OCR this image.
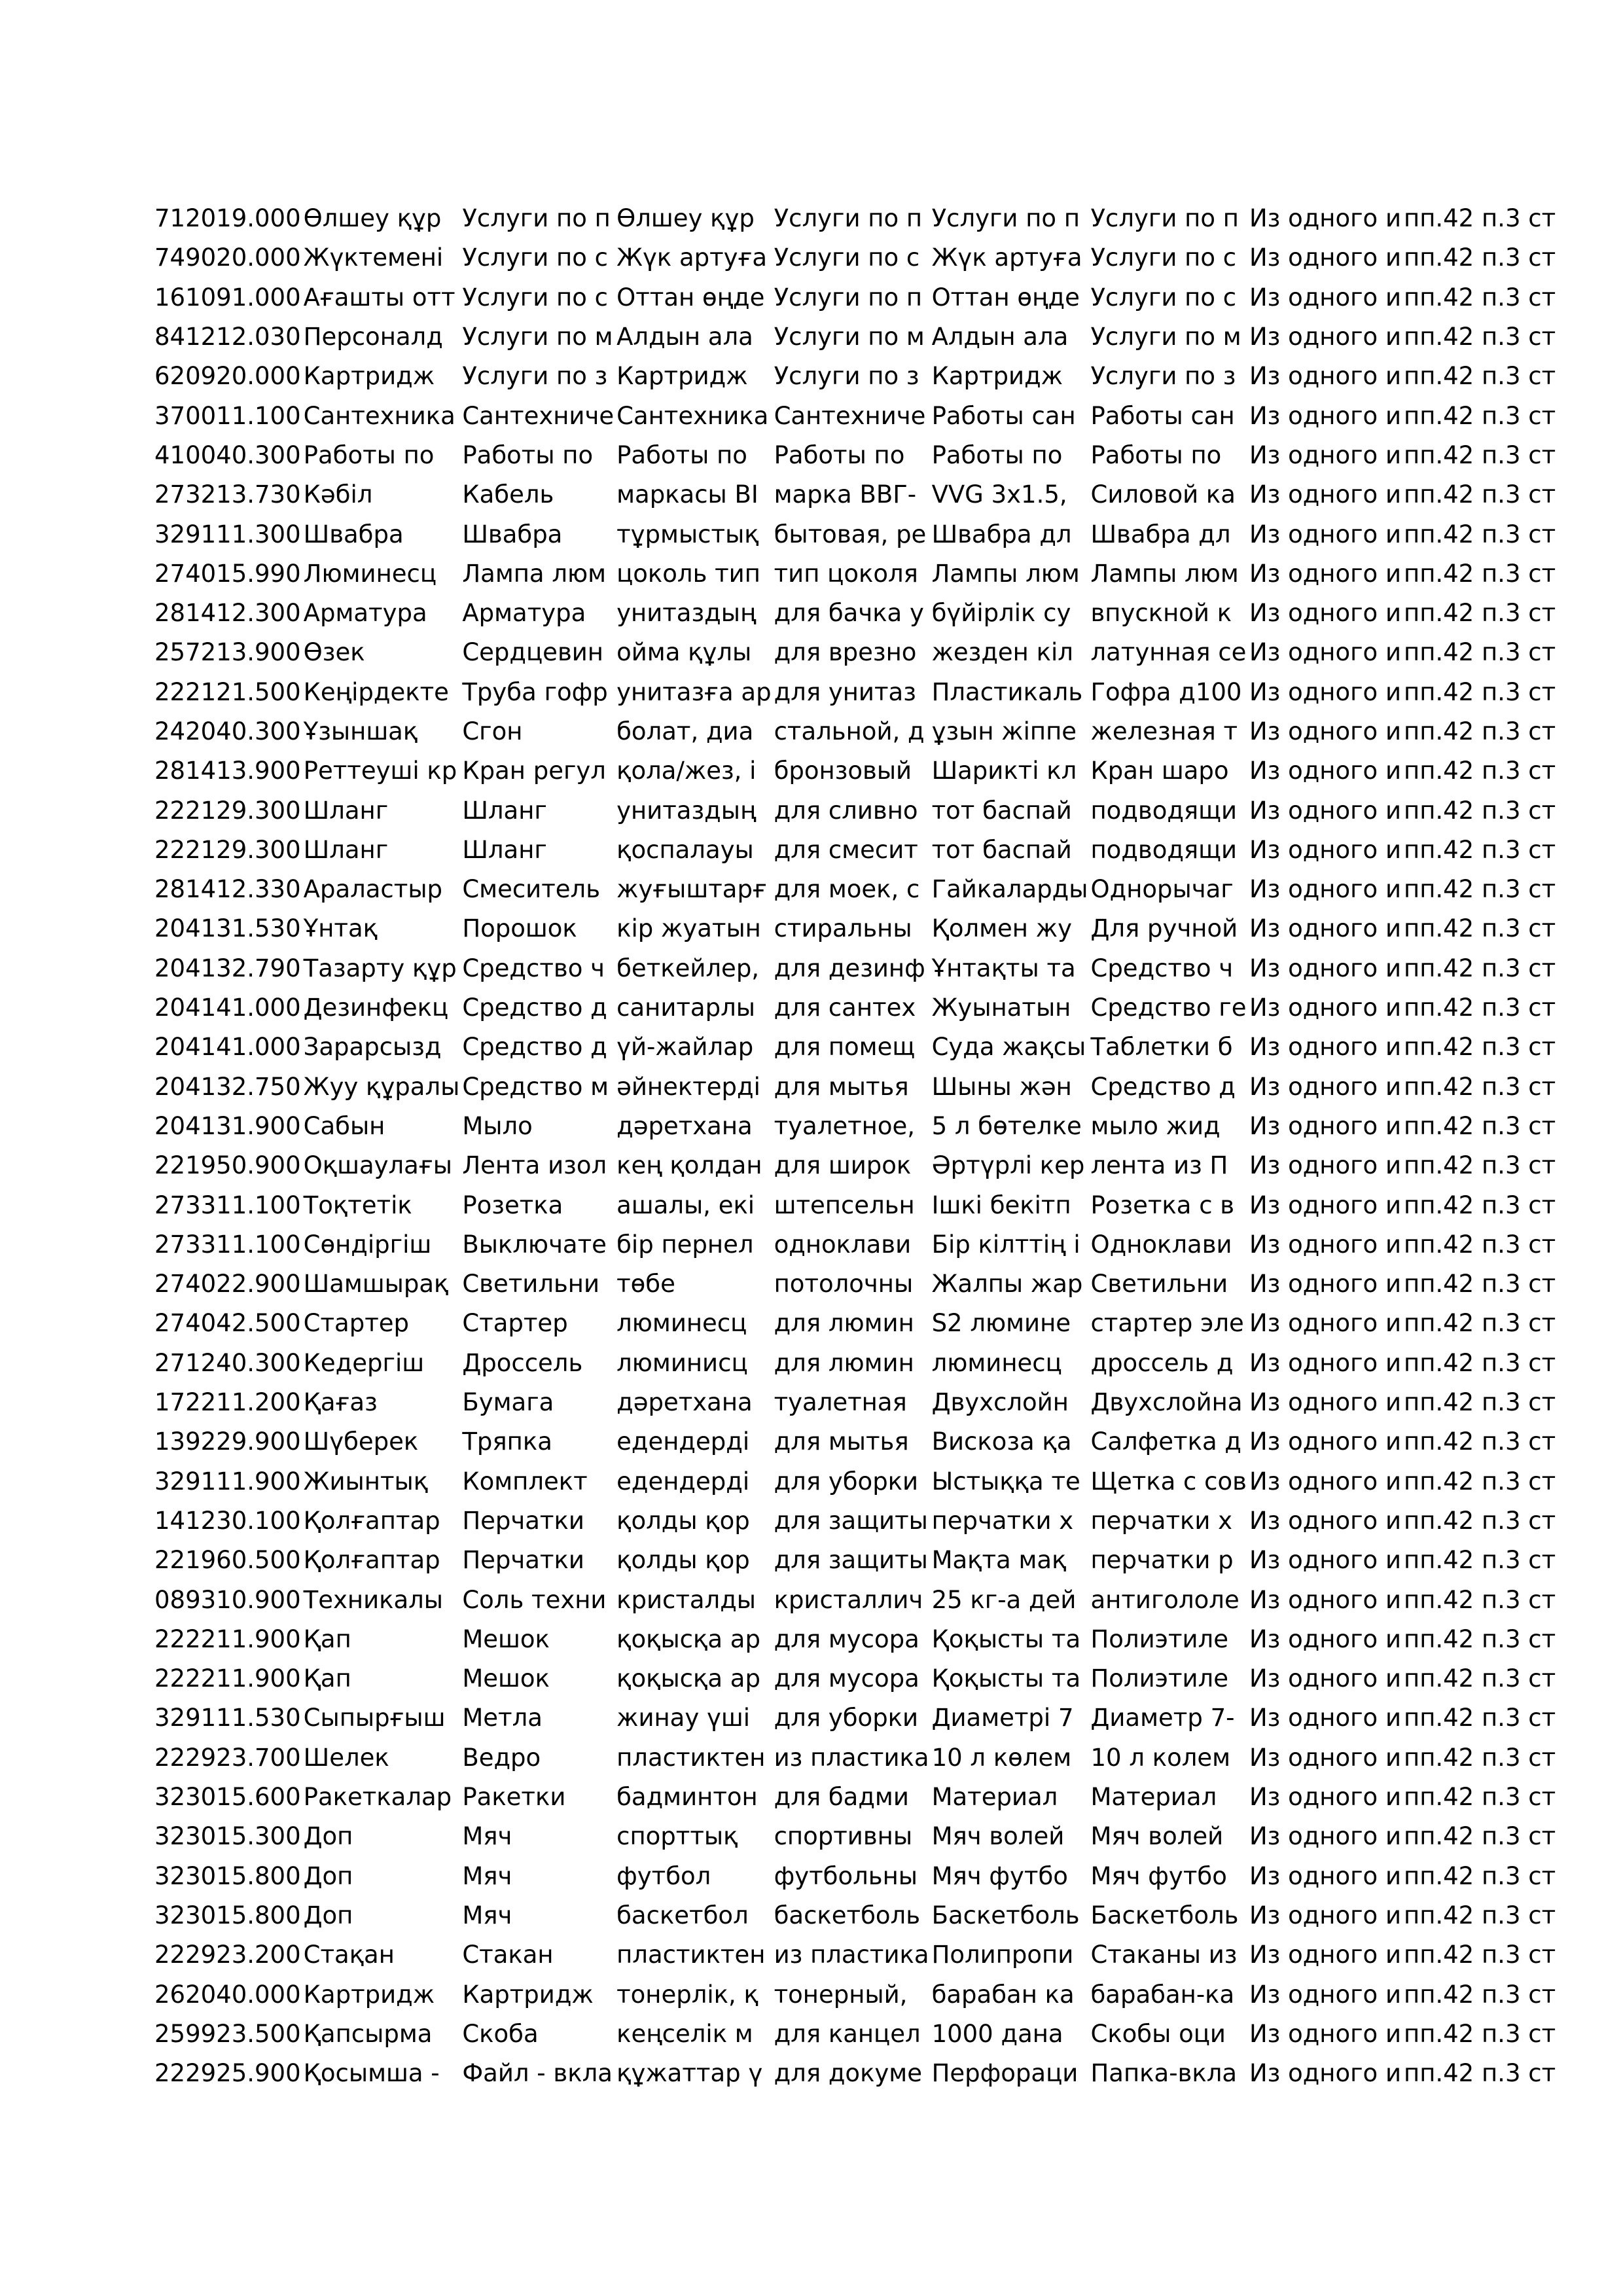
712019.000	Өлшеу құр	Услуги по п	Өлшеу құр	Услуги по п	Услуги по п	Услуги по п	Из одного и	пп.42 п.3 ст
749020.000	Жүктемені	Услуги по с	Жүк артуға	Услуги по с	Жүк артуға	Услуги по с	Из одного и	пп.42 п.3 ст
161091.000	Ағашты отт	Услуги по с	Оттан өңде	Услуги по п	Оттан өңде	Услуги по с	Из одного и	пп.42 п.3 ст
841212.030	Персоналд	Услуги по м	Алдын ала	Услуги по м	Алдын ала	Услуги по м	Из одного и	пп.42 п.3 ст
620920.000	Картридж	Услуги по з	Картридж	Услуги по з	Картридж	Услуги по з	Из одного и	пп.42 п.3 ст
370011.100	Сантехника	Сантехниче	Сантехника	Сантехниче	Работы сан	Работы сан	Из одного и	пп.42 п.3 ст
410040.300	Работы по	Работы по	Работы по	Работы по	Работы по	Работы по	Из одного и	пп.42 п.3 ст
273213.730	Кәбіл	Кабель	маркасы ВІ	марка ВВГ-	VVG 3x1.5,	Силовой ка	Из одного и	пп.42 п.3 ст
329111.300	Швабра	Швабра	тұрмыстық	бытовая, ре	Швабра дл	Швабра дл	Из одного и	пп.42 п.3 ст
274015.990	Люминесц	Лампа люм	цоколь тип	тип цоколя	Лампы люм	Лампы люм	Из одного и	пп.42 п.3 ст
281412.300	Арматура	Арматура	унитаздың	для бачка у	бүйірлік су	впускной к	Из одного и	пп.42 п.3 ст
257213.900	Өзек	Сердцевин	ойма құлы	для врезно	жезден кіл	латунная се	Из одного и	пп.42 п.3 ст
222121.500	Кеңірдекте	Труба гофр	унитазға ар	для унитаз	Пластикаль	Гофра д100	Из одного и	пп.42 п.3 ст
242040.300	Ұзыншақ	Сгон	болат, диа	стальной, д	ұзын жіппе	железная т	Из одного и	пп.42 п.3 ст
281413.900	Реттеуші кр	Кран регул	қола/жез, і	бронзовый	Шарикті кл	Кран шаро	Из одного и	пп.42 п.3 ст
222129.300	Шланг	Шланг	унитаздың	для сливно	тот баспай	подводящи	Из одного и	пп.42 п.3 ст
222129.300	Шланг	Шланг	қоспалауы	для смесит	тот баспай	подводящи	Из одного и	пп.42 п.3 ст
281412.330	Араластыр	Смеситель	жуғыштарғ	для моек, с	Гайкаларды	Однорычаг	Из одного и	пп.42 п.3 ст
204131.530	Ұнтақ	Порошок	кір жуатын	стиральны	Қолмен жу	Для ручной	Из одного и	пп.42 п.3 ст
204132.790	Тазарту құр	Средство ч	беткейлер,	для дезинф	Ұнтақты та	Средство ч	Из одного и	пп.42 п.3 ст
204141.000	Дезинфекц	Средство д	санитарлы	для сантех	Жуынатын	Средство ге	Из одного и	пп.42 п.3 ст
204141.000	Зарарсызд	Средство д	үй-жайлар	для помещ	Суда жақсы	Таблетки б	Из одного и	пп.42 п.3 ст
204132.750	Жуу құралы	Средство м	әйнектерді	для мытья	Шыны жән	Средство д	Из одного и	пп.42 п.3 ст
204131.900	Сабын	Мыло	дәретхана	туалетное,	5 л бөтелке	мыло жид	Из одного и	пп.42 п.3 ст
221950.900	Оқшаулағы	Лента изол	кең қолдан	для широк	Әртүрлі кер	лента из П	Из одного и	пп.42 п.3 ст
273311.100	Тоқтетік	Розетка	ашалы, екі	штепсельн	Ішкі бекітп	Розетка с в	Из одного и	пп.42 п.3 ст
273311.100	Сөндіргіш	Выключате	бір пернел	одноклави	Бір кілттің і	Одноклави	Из одного и	пп.42 п.3 ст
274022.900	Шамшырақ	Светильни	төбе	потолочны	Жалпы жар	Светильни	Из одного и	пп.42 п.3 ст
274042.500	Стартер	Стартер	люминесц	для люмин	S2 люмине	стартер эле	Из одного и	пп.42 п.3 ст
271240.300	Кедергіш	Дроссель	люминисц	для люмин	люминесц	дроссель д	Из одного и	пп.42 п.3 ст
172211.200	Қағаз	Бумага	дәретхана	туалетная	Двухслойн	Двухслойна	Из одного и	пп.42 п.3 ст
139229.900	Шүберек	Тряпка	едендерді	для мытья	Вискоза қа	Салфетка д	Из одного и	пп.42 п.3 ст
329111.900	Жиынтық	Комплект	едендерді	для уборки	Ыстыққа те	Щетка с сов	Из одного и	пп.42 п.3 ст
141230.100	Қолғаптар	Перчатки	қолды қор	для защиты	перчатки х	перчатки х	Из одного и	пп.42 п.3 ст
221960.500	Қолғаптар	Перчатки	қолды қор	для защиты	Мақта мақ	перчатки р	Из одного и	пп.42 п.3 ст
089310.900	Техникалы	Соль техни	кристалды	кристаллич	25 кг-а дей	антигололе	Из одного и	пп.42 п.3 ст
222211.900	Қап	Мешок	қоқысқа ар	для мусора	Қоқысты та	Полиэтиле	Из одного и	пп.42 п.3 ст
222211.900	Қап	Мешок	қоқысқа ар	для мусора	Қоқысты та	Полиэтиле	Из одного и	пп.42 п.3 ст
329111.530	Сыпырғыш	Метла	жинау үші	для уборки	Диаметрі 7	Диаметр 7-	Из одного и	пп.42 п.3 ст
222923.700	Шелек	Ведро	пластиктен	из пластика	10 л көлем	10 л колем	Из одного и	пп.42 п.3 ст
323015.600	Ракеткалар	Ракетки	бадминтон	для бадми	Материал	Материал	Из одного и	пп.42 п.3 ст
323015.300	Доп	Мяч	спорттық	спортивны	Мяч волей	Мяч волей	Из одного и	пп.42 п.3 ст
323015.800	Доп	Мяч	футбол	футбольны	Мяч футбо	Мяч футбо	Из одного и	пп.42 п.3 ст
323015.800	Доп	Мяч	баскетбол	баскетболь	Баскетболь	Баскетболь	Из одного и	пп.42 п.3 ст
222923.200	Стақан	Стакан	пластиктен	из пластика	Полипропи	Стаканы из	Из одного и	пп.42 п.3 ст
262040.000	Картридж	Картридж	тонерлік, қ	тонерный,	барабан ка	барабан-ка	Из одного и	пп.42 п.3 ст
259923.500	Қапсырма	Скоба	кеңселік м	для канцел	1000 дана	Скобы оци	Из одного и	пп.42 п.3 ст
222925.900	Қосымша -	Файл - вкла	құжаттар ү	для докуме	Перфораци	Папка-вкла	Из одного и	пп.42 п.3 ст
